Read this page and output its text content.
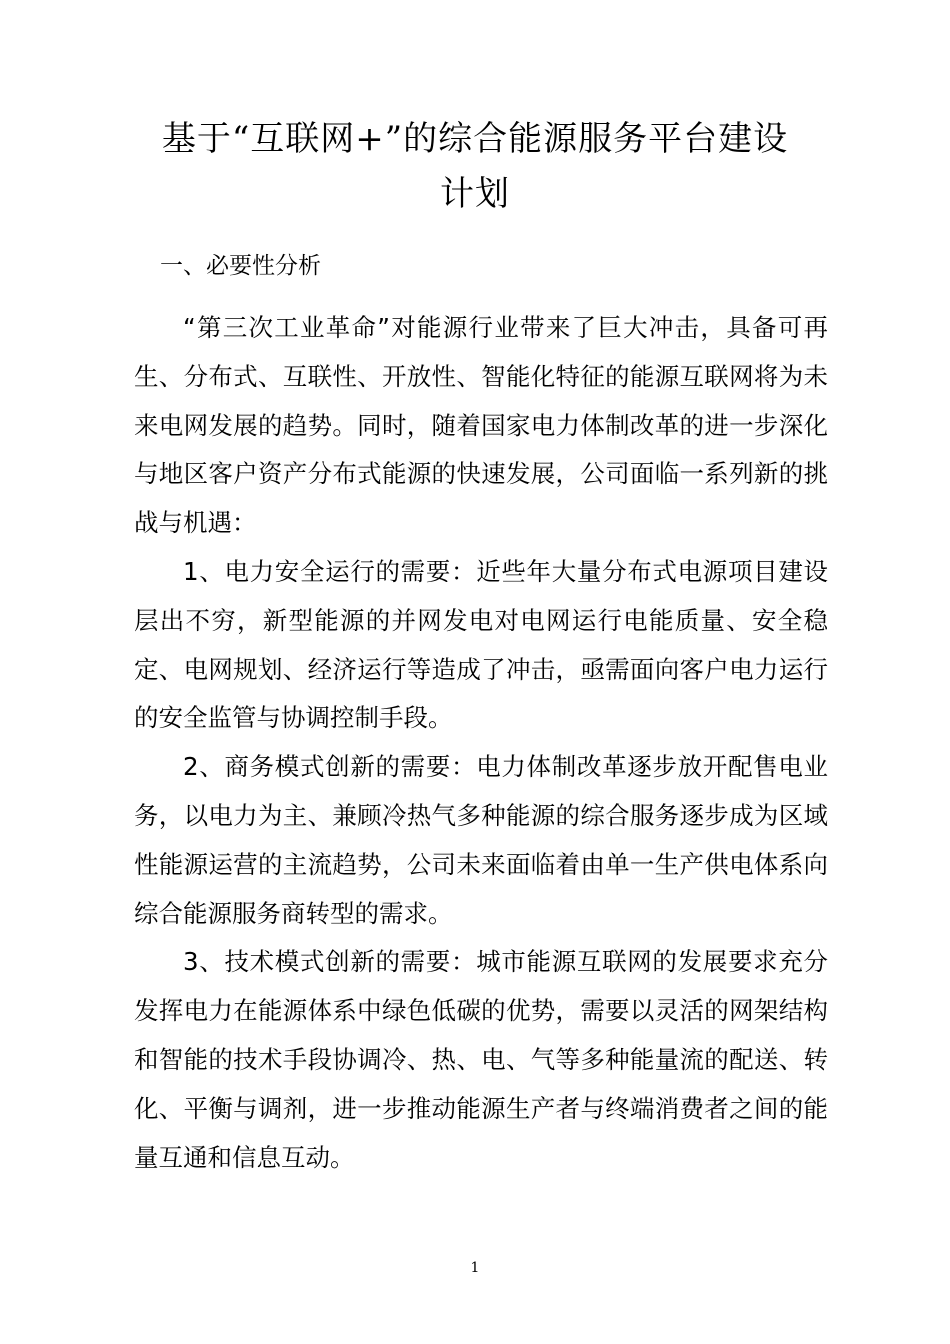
基于“互联网+”的综合能源服务平台建设
计划
一、必要性分析

“第三次工业革命”对能源行业带来了巨大冲击，具备可再生、分布式、互联性、开放性、智能化特征的能源互联网将为未来电网发展的趋势。同时，随着国家电力体制改革的进一步深化与地区客户资产分布式能源的快速发展，公司面临一系列新的挑战与机遇：

1、电力安全运行的需要：近些年大量分布式电源项目建设层出不穷，新型能源的并网发电对电网运行电能质量、安全稳定、电网规划、经济运行等造成了冲击，亟需面向客户电力运行的安全监管与协调控制手段。

2、商务模式创新的需要：电力体制改革逐步放开配售电业务，以电力为主、兼顾冷热气多种能源的综合服务逐步成为区域性能源运营的主流趋势，公司未来面临着由单一生产供电体系向综合能源服务商转型的需求。

3、技术模式创新的需要：城市能源互联网的发展要求充分发挥电力在能源体系中绿色低碳的优势，需要以灵活的网架结构和智能的技术手段协调冷、热、电、气等多种能量流的配送、转化、平衡与调剂，进一步推动能源生产者与终端消费者之间的能量互通和信息互动。

1
